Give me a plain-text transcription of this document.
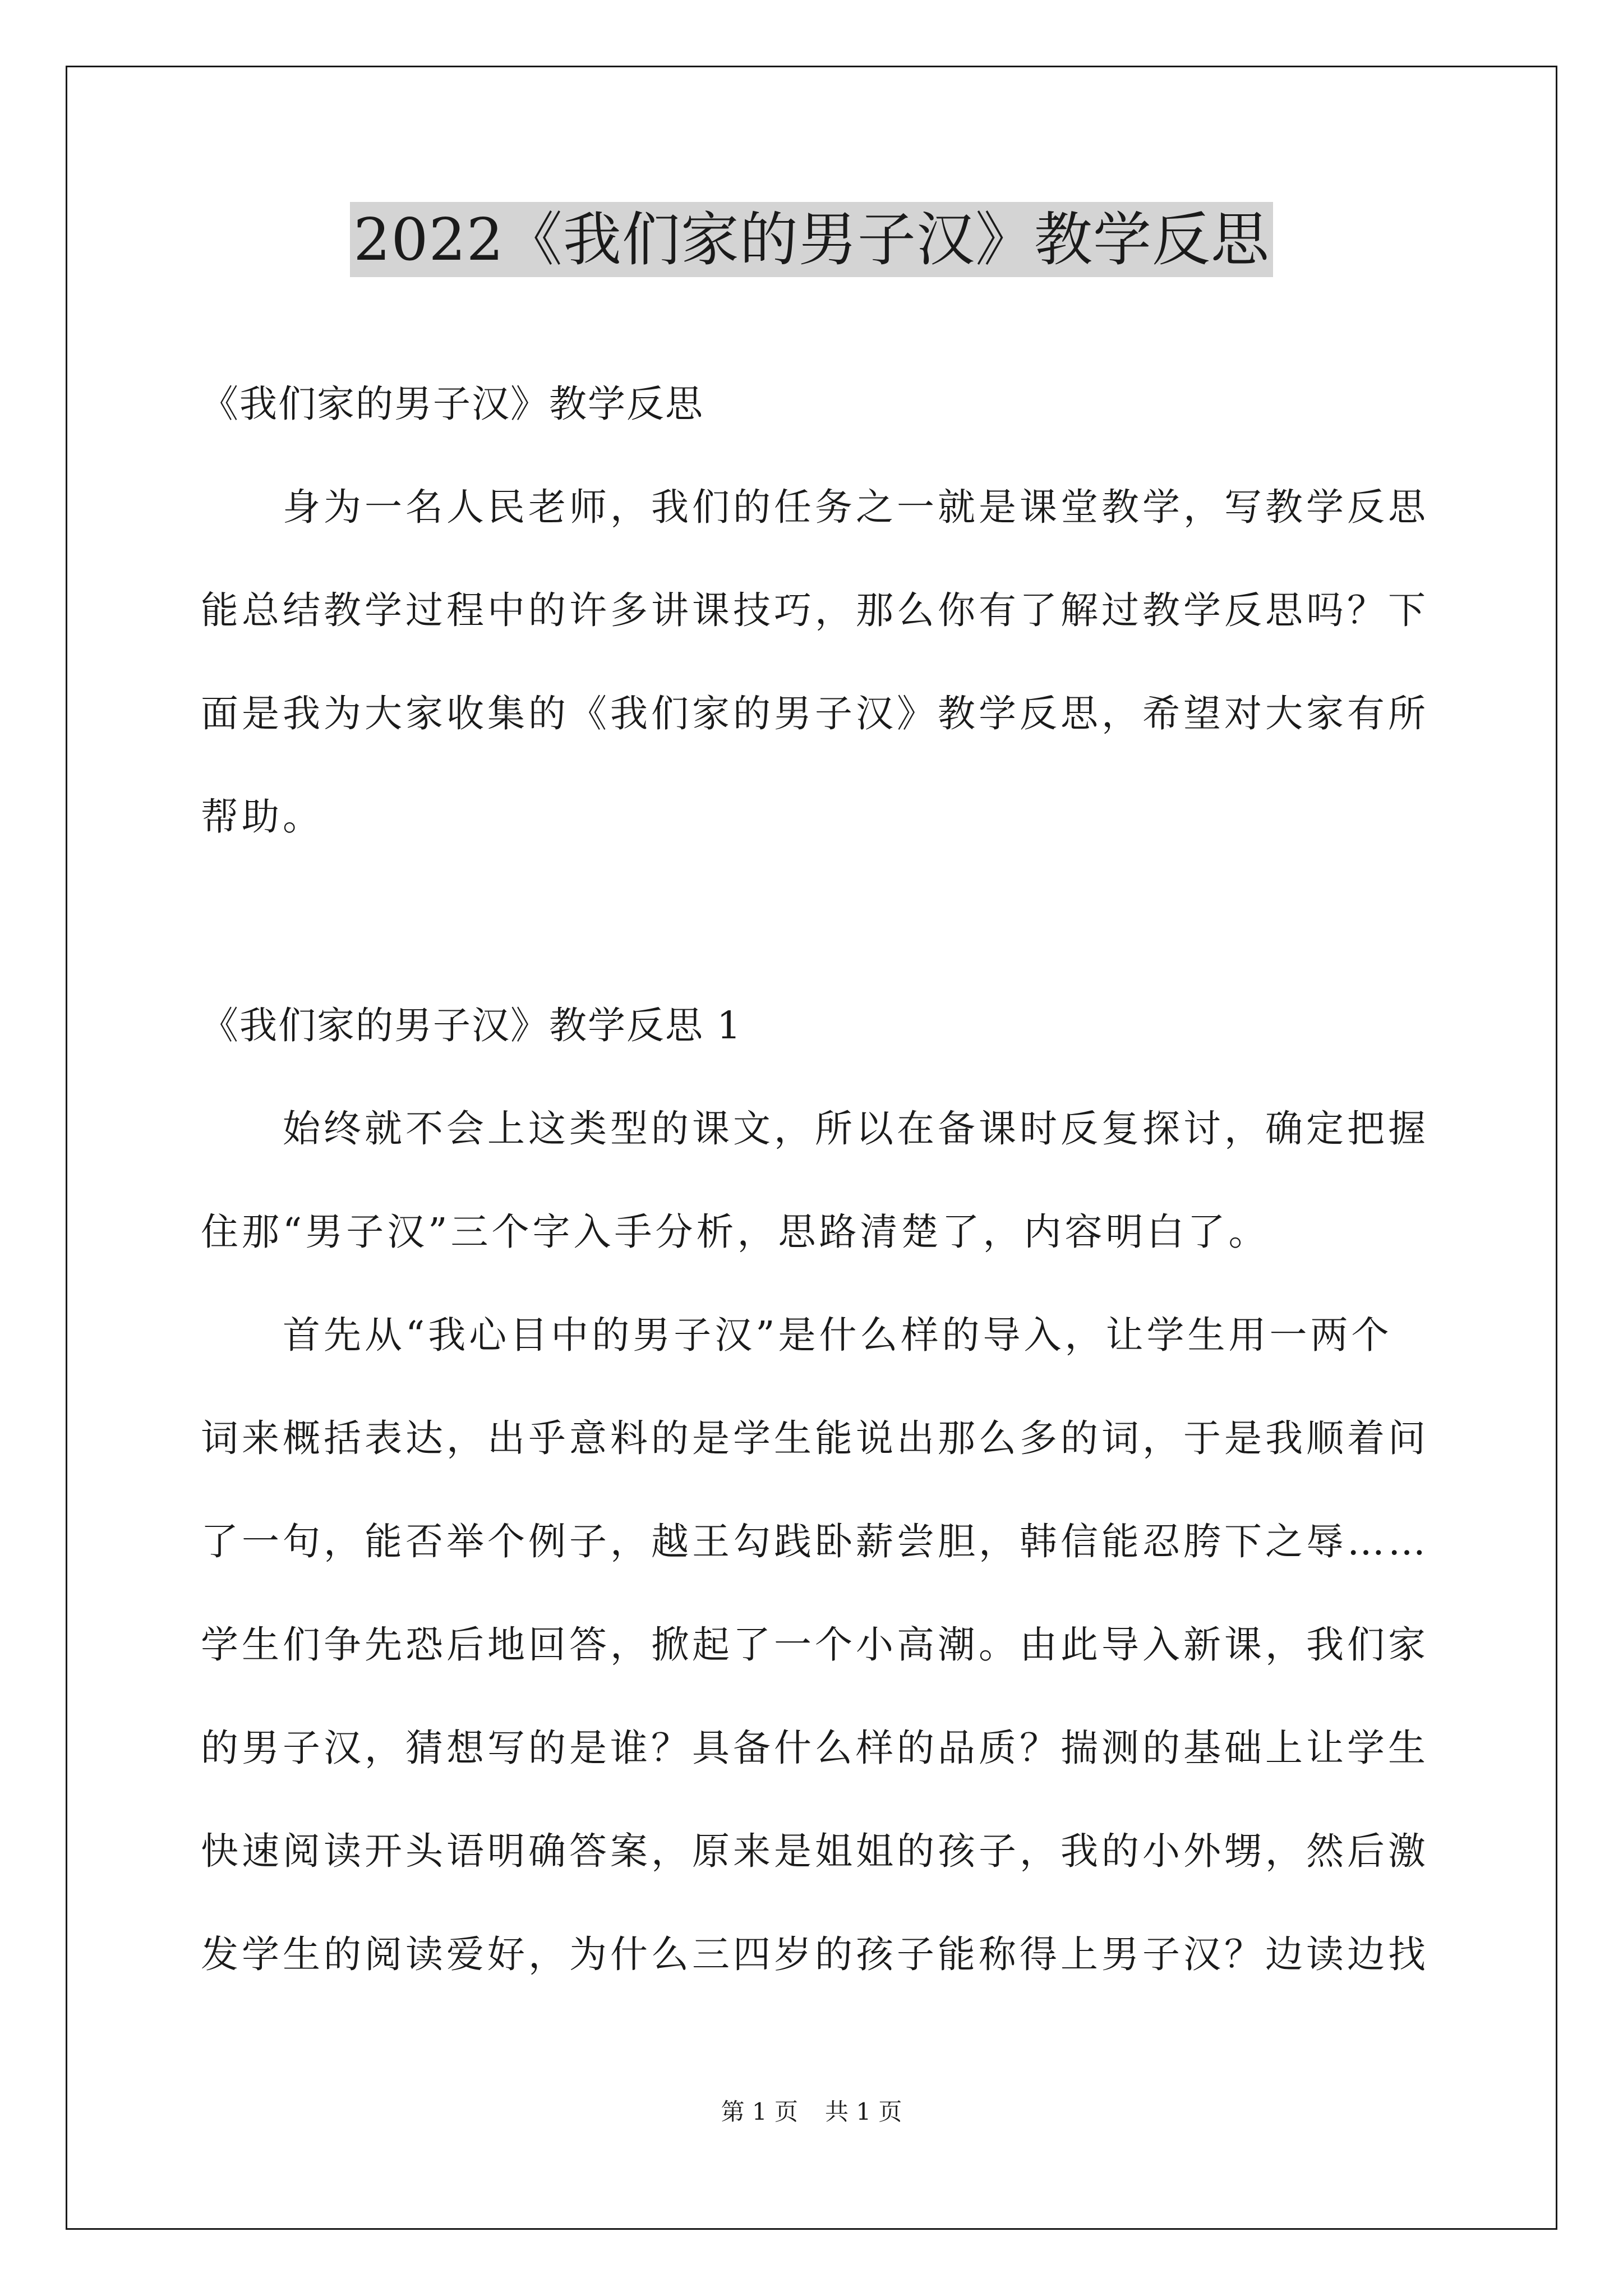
2022《我们家的男子汉》教学反思
《我们家的男子汉》教学反思
　　身为一名人民老师，我们的任务之一就是课堂教学，写教学反思
能总结教学过程中的许多讲课技巧，那么你有了解过教学反思吗？下
面是我为大家收集的《我们家的男子汉》教学反思，希望对大家有所
帮助。
《我们家的男子汉》教学反思 1
　　始终就不会上这类型的课文，所以在备课时反复探讨，确定把握
住那“男子汉”三个字入手分析，思路清楚了，内容明白了。
　　首先从“我心目中的男子汉”是什么样的导入，让学生用一两个
词来概括表达，出乎意料的是学生能说出那么多的词，于是我顺着问
了一句，能否举个例子，越王勾践卧薪尝胆，韩信能忍胯下之辱……
学生们争先恐后地回答，掀起了一个小高潮。由此导入新课，我们家
的男子汉，猜想写的是谁？具备什么样的品质？揣测的基础上让学生
快速阅读开头语明确答案，原来是姐姐的孩子，我的小外甥，然后激
发学生的阅读爱好，为什么三四岁的孩子能称得上男子汉？边读边找
第 1 页 共 1 页
